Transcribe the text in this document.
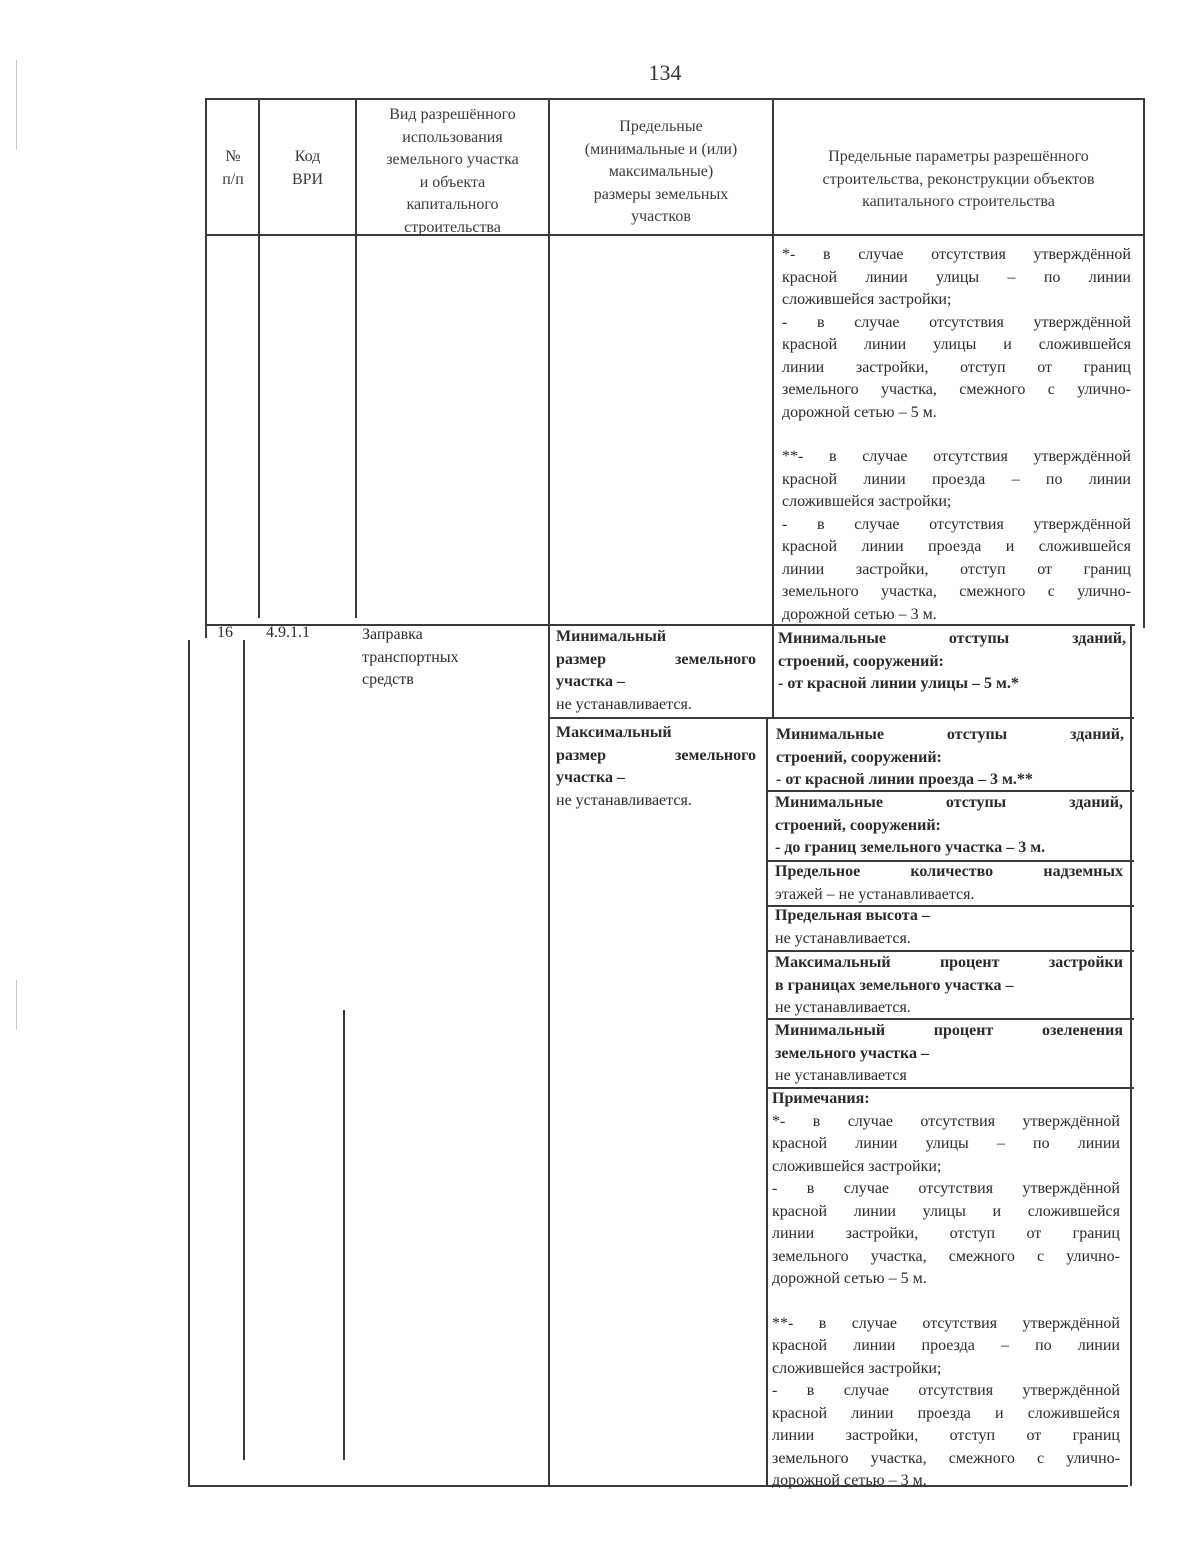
134
№
п/п
Код
ВРИ
Вид разрешённого
использования
земельного участка
и объекта
капитального
строительства
Предельные
(минимальные и (или)
максимальные)
размеры земельных
участков
Предельные параметры разрешённого
строительства, реконструкции объектов
капитального строительства
*- в случае отсутствия утверждённой
красной линии улицы – по линии
сложившейся застройки;
- в случае отсутствия утверждённой
красной линии улицы и сложившейся
линии застройки, отступ от границ
земельного участка, смежного с улично-
дорожной сетью – 5 м.
**- в случае отсутствия утверждённой
красной линии проезда – по линии
сложившейся застройки;
- в случае отсутствия утверждённой
красной линии проезда и сложившейся
линии застройки, отступ от границ
земельного участка, смежного с улично-
дорожной сетью – 3 м.
16 4.9.1.1	Заправка
транспортных
средств
Минимальный
размер земельного
участка –
не устанавливается.
Максимальный
размер земельного
участка –
не устанавливается.
Минимальные отступы зданий,
строений, сооружений:
- от красной линии улицы – 5 м.*
Минимальные отступы зданий,
строений, сооружений:
- от красной линии проезда – 3 м.**
Минимальные отступы зданий,
строений, сооружений:
- до границ земельного участка – 3 м.
Предельное количество надземных
этажей – не устанавливается.
Предельная высота –
не устанавливается.
Максимальный процент застройки
в границах земельного участка –
не устанавливается.
Минимальный процент озеленения
земельного участка –
не устанавливается
Примечания:
*- в случае отсутствия утверждённой
красной линии улицы – по линии
сложившейся застройки;
- в случае отсутствия утверждённой
красной линии улицы и сложившейся
линии застройки, отступ от границ
земельного участка, смежного с улично-
дорожной сетью – 5 м.
**- в случае отсутствия утверждённой
красной линии проезда – по линии
сложившейся застройки;
- в случае отсутствия утверждённой
красной линии проезда и сложившейся
линии застройки, отступ от границ
земельного участка, смежного с улично-
дорожной сетью – 3 м.
